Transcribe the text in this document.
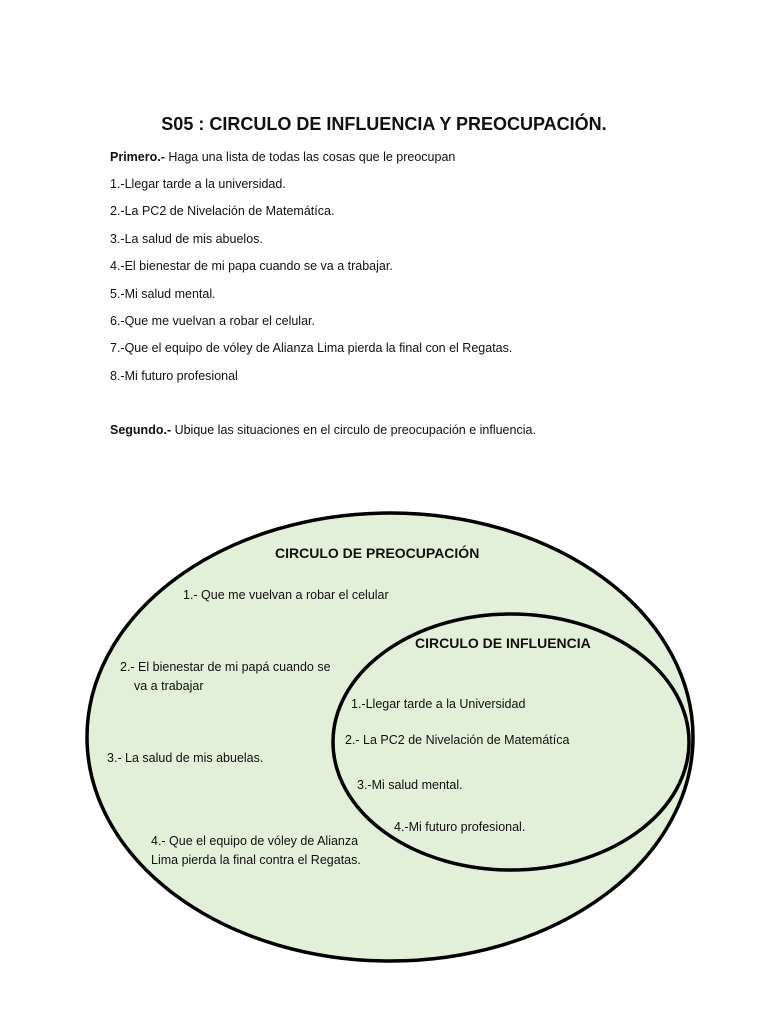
S05 : CIRCULO DE INFLUENCIA Y PREOCUPACIÓN.
Primero.- Haga una lista de todas las cosas que le preocupan
1.-Llegar tarde a la universidad.
2.-La PC2 de Nivelación de Matemátíca.
3.-La salud de mis abuelos.
4.-El bienestar de mi papa cuando se va a trabajar.
5.-Mi salud mental.
6.-Que me vuelvan a robar el celular.
7.-Que el equipo de vóley de Alianza Lima pierda la final con el Regatas.
8.-Mi futuro profesional
Segundo.- Ubique las situaciones en el circulo de preocupación e influencia.
CIRCULO DE PREOCUPACIÓN
1.- Que me vuelvan a robar el celular
2.- El bienestar de mi papá cuando se
va a trabajar
3.- La salud de mis abuelas.
4.- Que el equipo de vóley de Alianza
Lima pierda la final contra el Regatas.
CIRCULO DE INFLUENCIA
1.-Llegar tarde a la Universidad
2.- La PC2 de Nivelación de Matemátíca
3.-Mi salud mental.
4.-Mi futuro profesional.
